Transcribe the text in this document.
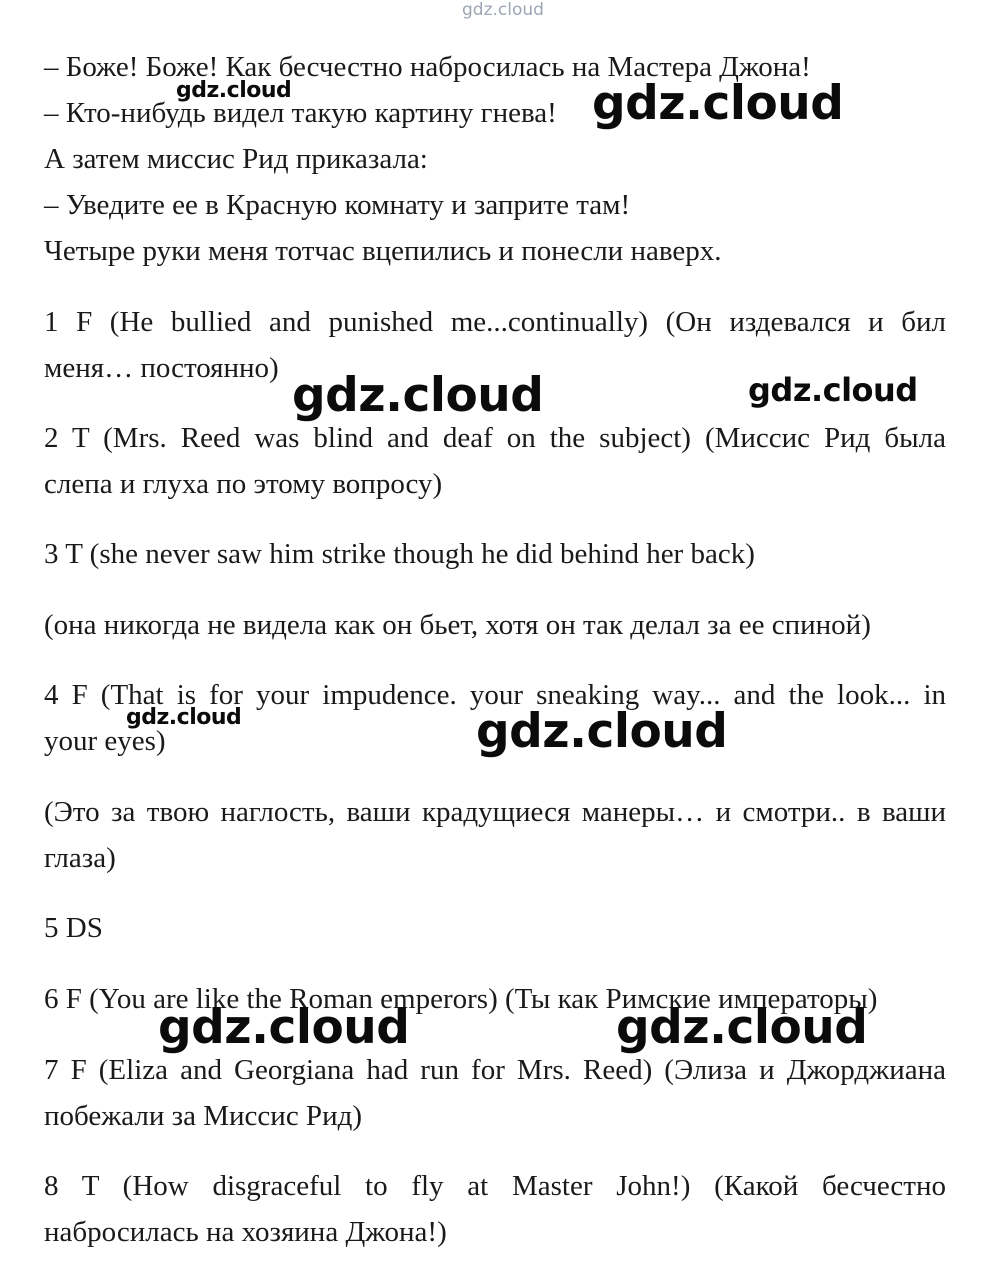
gdz.cloud
– Боже! Боже! Как бесчестно набросилась на Мастера Джона!
– Кто-нибудь видел такую картину гнева!
А затем миссис Рид приказала:
– Уведите ее в Красную комнату и заприте там!
Четыре руки меня тотчас вцепились и понесли наверх.
1 F (He bullied and punished me...continually) (Он издевался и бил
меня… постоянно)
2 T (Mrs. Reed was blind and deaf on the subject) (Миссис Рид была
слепа и глуха по этому вопросу)
3 T (she never saw him strike though he did behind her back)
(она никогда не видела как он бьет, хотя он так делал за ее спиной)
4 F (That is for your impudence. your sneaking way... and the look... in
your eyes)
(Это за твою наглость, ваши крадущиеся манеры… и смотри.. в ваши
глаза)
5 DS
6 F (You are like the Roman emperors) (Ты как Римские императоры)
7 F (Eliza and Georgiana had run for Mrs. Reed) (Элиза и Джорджиана
побежали за Миссис Рид)
8 T (How disgraceful to fly at Master John!) (Какой бесчестно
набросилась на хозяина Джона!)
gdz.cloud	gdz.cloud
gdz.cloud	gdz.cloud
gdz.cloud	gdz.cloud
gdz.cloud	gdz.cloud
